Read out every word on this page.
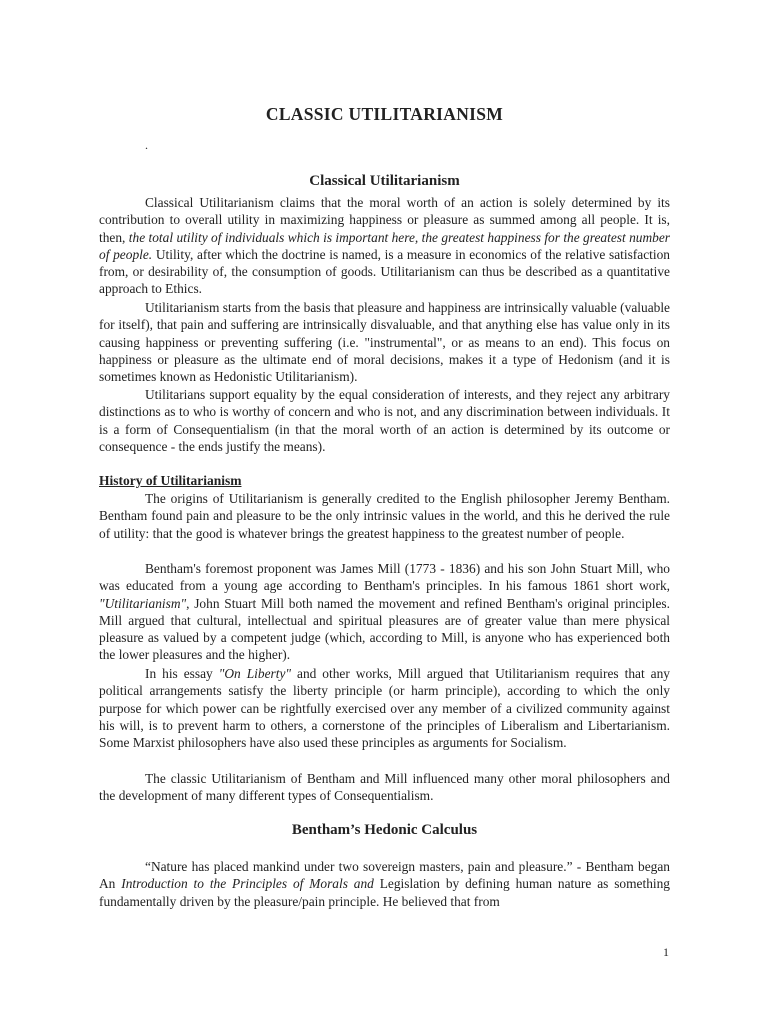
CLASSIC UTILITARIANISM
.
Classical Utilitarianism

Classical Utilitarianism claims that the moral worth of an action is solely determined by its contribution to overall utility in maximizing happiness or pleasure as summed among all people. It is, then, the total utility of individuals which is important here, the greatest happiness for the greatest number of people. Utility, after which the doctrine is named, is a measure in economics of the relative satisfaction from, or desirability of, the consumption of goods. Utilitarianism can thus be described as a quantitative approach to Ethics.

Utilitarianism starts from the basis that pleasure and happiness are intrinsically valuable (valuable for itself), that pain and suffering are intrinsically disvaluable, and that anything else has value only in its causing happiness or preventing suffering (i.e. "instrumental", or as means to an end). This focus on happiness or pleasure as the ultimate end of moral decisions, makes it a type of Hedonism (and it is sometimes known as Hedonistic Utilitarianism).

Utilitarians support equality by the equal consideration of interests, and they reject any arbitrary distinctions as to who is worthy of concern and who is not, and any discrimination between individuals. It is a form of Consequentialism (in that the moral worth of an action is determined by its outcome or consequence - the ends justify the means).

History of Utilitarianism

The origins of Utilitarianism is generally credited to the English philosopher Jeremy Bentham. Bentham found pain and pleasure to be the only intrinsic values in the world, and this he derived the rule of utility: that the good is whatever brings the greatest happiness to the greatest number of people.

Bentham's foremost proponent was James Mill (1773 - 1836) and his son John Stuart Mill, who was educated from a young age according to Bentham's principles. In his famous 1861 short work, "Utilitarianism", John Stuart Mill both named the movement and refined Bentham's original principles. Mill argued that cultural, intellectual and spiritual pleasures are of greater value than mere physical pleasure as valued by a competent judge (which, according to Mill, is anyone who has experienced both the lower pleasures and the higher).

In his essay "On Liberty" and other works, Mill argued that Utilitarianism requires that any political arrangements satisfy the liberty principle (or harm principle), according to which the only purpose for which power can be rightfully exercised over any member of a civilized community against his will, is to prevent harm to others, a cornerstone of the principles of Liberalism and Libertarianism. Some Marxist philosophers have also used these principles as arguments for Socialism.

The classic Utilitarianism of Bentham and Mill influenced many other moral philosophers and the development of many different types of Consequentialism.

Bentham’s Hedonic Calculus

“Nature has placed mankind under two sovereign masters, pain and pleasure.” - Bentham began An Introduction to the Principles of Morals and Legislation by defining human nature as something fundamentally driven by the pleasure/pain principle. He believed that from

1
